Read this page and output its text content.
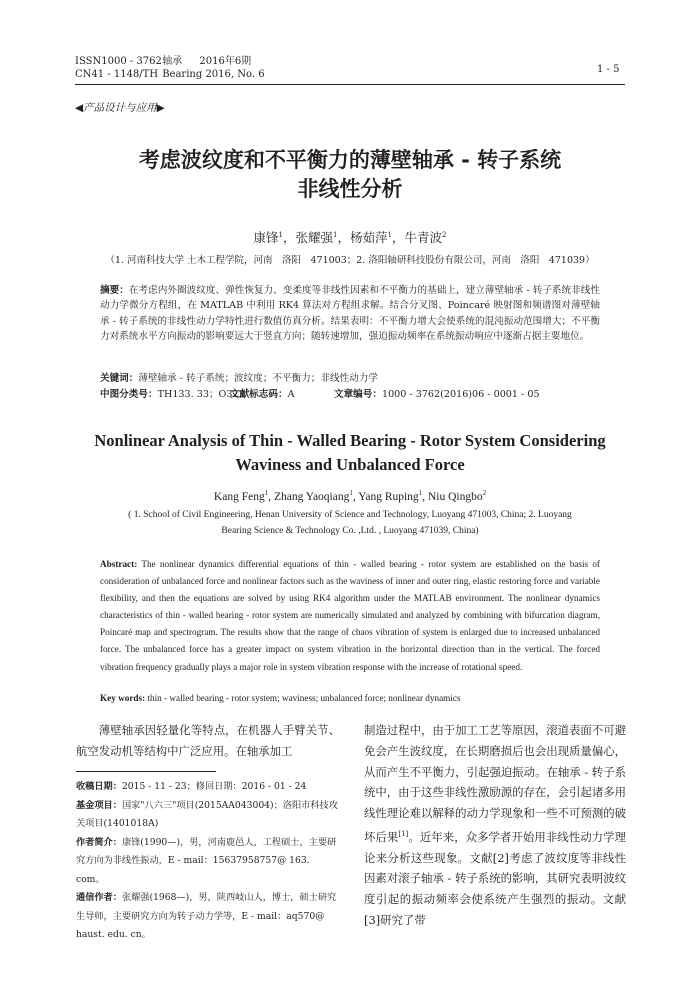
ISSN1000 - 3762 轴承 2016年6期
CN41 - 1148/TH Bearing 2016, No. 6	1 - 5
◀产品设计与应用▶
考虑波纹度和不平衡力的薄壁轴承 - 转子系统
非线性分析
康锋$^1$，张耀强$^1$，杨茹萍$^1$，牛青波$^2$
（1. 河南科技大学 土木工程学院，河南　洛阳　471003；2. 洛阳轴研科技股份有限公司，河南　洛阳　471039）
摘要：在考虑内外圈波纹度、弹性恢复力、变柔度等非线性因素和不平衡力的基础上，建立薄壁轴承 - 转子系统非线性动力学微分方程组，在 MATLAB 中利用 RK4 算法对方程组求解。结合分叉图、Poincaré 映射图和频谱图对薄壁轴承 - 转子系统的非线性动力学特性进行数值仿真分析。结果表明：不平衡力增大会使系统的混沌振动范围增大；不平衡力对系统水平方向振动的影响要远大于竖直方向；随转速增加，强迫振动频率在系统振动响应中逐渐占据主要地位。
关键词：薄壁轴承 - 转子系统；波纹度；不平衡力；非线性动力学
中图分类号：TH133. 33；O322文献标志码：A	文章编号：1000 - 3762(2016)06 - 0001 - 05
Nonlinear Analysis of Thin - Walled Bearing - Rotor System Considering
Waviness and Unbalanced Force
Kang Feng$^1$, Zhang Yaoqiang$^1$, Yang Ruping$^1$, Niu Qingbo$^2$
( 1. School of Civil Engineering, Henan University of Science and Technology, Luoyang 471003, China; 2. Luoyang
Bearing Science & Technology Co. ,Ltd. , Luoyang 471039, China)
Abstract: The nonlinear dynamics differential equations of thin - walled bearing - rotor system are established on the basis of consideration of unbalanced force and nonlinear factors such as the waviness of inner and outer ring, elastic restoring force and variable flexibility, and then the equations are solved by using RK4 algorithm under the MATLAB environment. The nonlinear dynamics characteristics of thin - walled bearing - rotor system are numerically simulated and analyzed by combining with bifurcation diagram, Poincaré map and spectrogram. The results show that the range of chaos vibration of system is enlarged due to increased unbalanced force. The unbalanced force has a greater impact on system vibration in the horizontal direction than in the vertical. The forced vibration frequency gradually plays a major role in system vibration response with the increase of rotational speed.
Key words: thin - walled bearing - rotor system; waviness; unbalanced force; nonlinear dynamics
薄壁轴承因轻量化等特点，在机器人手臂关节、航空发动机等结构中广泛应用。在轴承加工
收稿日期：2015 - 11 - 23；修回日期：2016 - 01 - 24
基金项目：国家"八六三"项目(2015AA043004)；洛阳市科技攻关项目(1401018A)
作者简介：康锋(1990—)，男，河南鹿邑人，工程硕士，主要研究方向为非线性振动，E - mail：15637958757@ 163. com。
通信作者：张耀强(1968—)，男，陕西岐山人，博士，硕士研究生导师，主要研究方向为转子动力学等，E - mail：aq570@ haust. edu. cn。
制造过程中，由于加工工艺等原因，滚道表面不可避免会产生波纹度，在长期磨损后也会出现质量偏心，从而产生不平衡力，引起强迫振动。在轴承 - 转子系统中，由于这些非线性激励源的存在，会引起诸多用线性理论难以解释的动力学现象和一些不可预测的破坏后果[1]。近年来，众多学者开始用非线性动力学理论来分析这些现象。文献[2]考虑了波纹度等非线性因素对滚子轴承 - 转子系统的影响，其研究表明波纹度引起的振动频率会使系统产生强烈的振动。文献[3]研究了带
